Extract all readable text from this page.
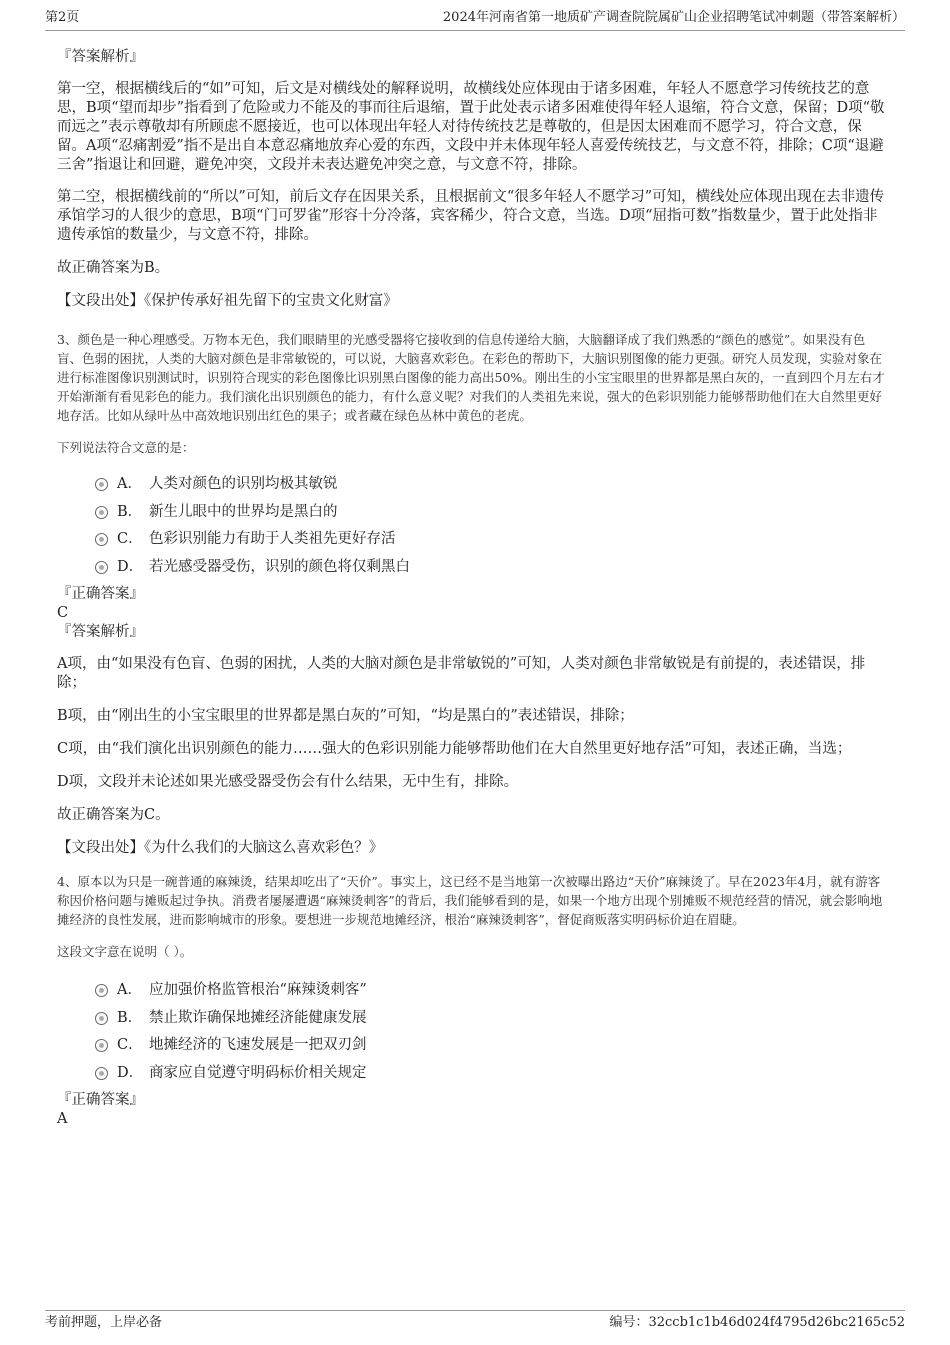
第2页	2024年河南省第一地质矿产调查院院属矿山企业招聘笔试冲刺题（带答案解析）
『答案解析』
第一空，根据横线后的“如”可知，后文是对横线处的解释说明，故横线处应体现由于诸多困难，年轻人不愿意学习传统技艺的意思，B项“望而却步”指看到了危险或力不能及的事而往后退缩，置于此处表示诸多困难使得年轻人退缩，符合文意，保留；D项“敬而远之”表示尊敬却有所顾虑不愿接近，也可以体现出年轻人对待传统技艺是尊敬的，但是因太困难而不愿学习，符合文意，保留。A项“忍痛割爱”指不是出自本意忍痛地放弃心爱的东西，文段中并未体现年轻人喜爱传统技艺，与文意不符，排除；C项“退避三舍”指退让和回避，避免冲突，文段并未表达避免冲突之意，与文意不符，排除。
第二空，根据横线前的“所以”可知，前后文存在因果关系，且根据前文“很多年轻人不愿学习”可知，横线处应体现出现在去非遗传承馆学习的人很少的意思，B项“门可罗雀”形容十分冷落，宾客稀少，符合文意，当选。D项“屈指可数”指数量少，置于此处指非遗传承馆的数量少，与文意不符，排除。
故正确答案为B。
【文段出处】《保护传承好祖先留下的宝贵文化财富》
3、颜色是一种心理感受。万物本无色，我们眼睛里的光感受器将它接收到的信息传递给大脑，大脑翻译成了我们熟悉的“颜色的感觉”。如果没有色盲、色弱的困扰，人类的大脑对颜色是非常敏锐的，可以说，大脑喜欢彩色。在彩色的帮助下，大脑识别图像的能力更强。研究人员发现，实验对象在进行标准图像识别测试时，识别符合现实的彩色图像比识别黑白图像的能力高出50%。刚出生的小宝宝眼里的世界都是黑白灰的，一直到四个月左右才开始渐渐有看见彩色的能力。我们演化出识别颜色的能力，有什么意义呢？对我们的人类祖先来说，强大的色彩识别能力能够帮助他们在大自然里更好地存活。比如从绿叶丛中高效地识别出红色的果子；或者藏在绿色丛林中黄色的老虎。
下列说法符合文意的是：
A． 人类对颜色的识别均极其敏锐
B． 新生儿眼中的世界均是黑白的
C． 色彩识别能力有助于人类祖先更好存活
D． 若光感受器受伤，识别的颜色将仅剩黑白
『正确答案』
C
『答案解析』
A项，由“如果没有色盲、色弱的困扰，人类的大脑对颜色是非常敏锐的”可知，人类对颜色非常敏锐是有前提的，表述错误，排除；
B项，由“刚出生的小宝宝眼里的世界都是黑白灰的”可知，“均是黑白的”表述错误，排除；
C项，由“我们演化出识别颜色的能力……强大的色彩识别能力能够帮助他们在大自然里更好地存活”可知，表述正确，当选；
D项，文段并未论述如果光感受器受伤会有什么结果，无中生有，排除。
故正确答案为C。
【文段出处】《为什么我们的大脑这么喜欢彩色？》
4、原本以为只是一碗普通的麻辣烫，结果却吃出了“天价”。事实上，这已经不是当地第一次被曝出路边“天价”麻辣烫了。早在2023年4月，就有游客称因价格问题与摊贩起过争执。消费者屡屡遭遇“麻辣烫刺客”的背后，我们能够看到的是，如果一个地方出现个别摊贩不规范经营的情况，就会影响地摊经济的良性发展，进而影响城市的形象。要想进一步规范地摊经济，根治“麻辣烫刺客”，督促商贩落实明码标价迫在眉睫。
这段文字意在说明（ ）。
A． 应加强价格监管根治“麻辣烫刺客”
B． 禁止欺诈确保地摊经济能健康发展
C． 地摊经济的飞速发展是一把双刃剑
D． 商家应自觉遵守明码标价相关规定
『正确答案』
A
考前押题，上岸必备	编号：32ccb1c1b46d024f4795d26bc2165c52
